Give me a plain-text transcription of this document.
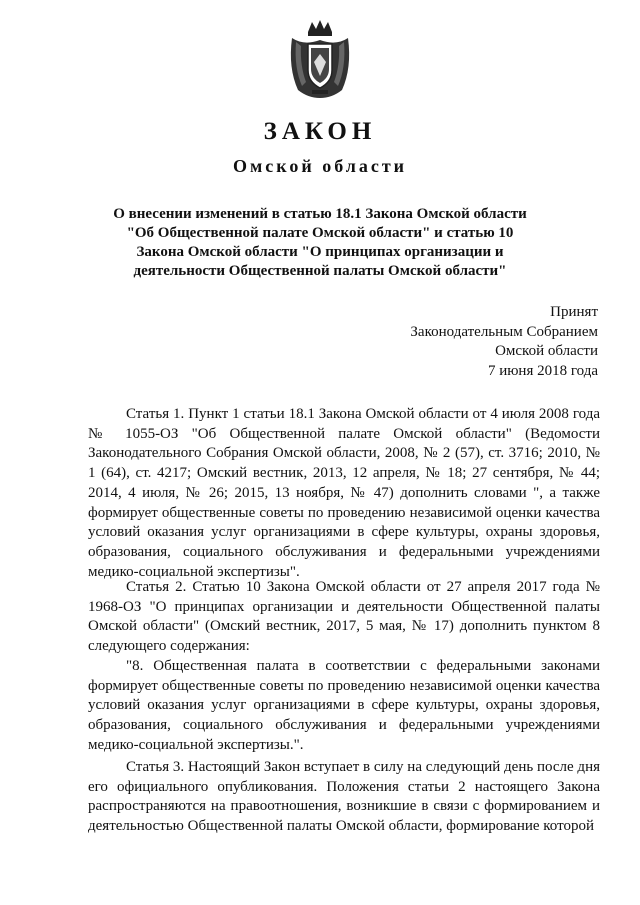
ЗАКОН
Омской области
О внесении изменений в статью 18.1 Закона Омской области "Об Общественной палате Омской области" и статью 10 Закона Омской области "О принципах организации и деятельности Общественной палаты Омской области"
Принят
Законодательным Собранием
Омской области
7 июня 2018 года
Статья 1. Пункт 1 статьи 18.1 Закона Омской области от 4 июля 2008 года № 1055-ОЗ "Об Общественной палате Омской области" (Ведомости Законодательного Собрания Омской области, 2008, № 2 (57), ст. 3716; 2010, № 1 (64), ст. 4217; Омский вестник, 2013, 12 апреля, № 18; 27 сентября, № 44; 2014, 4 июля, № 26; 2015, 13 ноября, № 47) дополнить словами ", а также формирует общественные советы по проведению независимой оценки качества условий оказания услуг организациями в сфере культуры, охраны здоровья, образования, социального обслуживания и федеральными учреждениями медико-социальной экспертизы".
Статья 2. Статью 10 Закона Омской области от 27 апреля 2017 года № 1968-ОЗ "О принципах организации и деятельности Общественной палаты Омской области" (Омский вестник, 2017, 5 мая, № 17) дополнить пунктом 8 следующего содержания:
"8. Общественная палата в соответствии с федеральными законами формирует общественные советы по проведению независимой оценки качества условий оказания услуг организациями в сфере культуры, охраны здоровья, образования, социального обслуживания и федеральными учреждениями медико-социальной экспертизы.".
Статья 3. Настоящий Закон вступает в силу на следующий день после дня его официального опубликования. Положения статьи 2 настоящего Закона распространяются на правоотношения, возникшие в связи с формированием и деятельностью Общественной палаты Омской области, формирование которой
